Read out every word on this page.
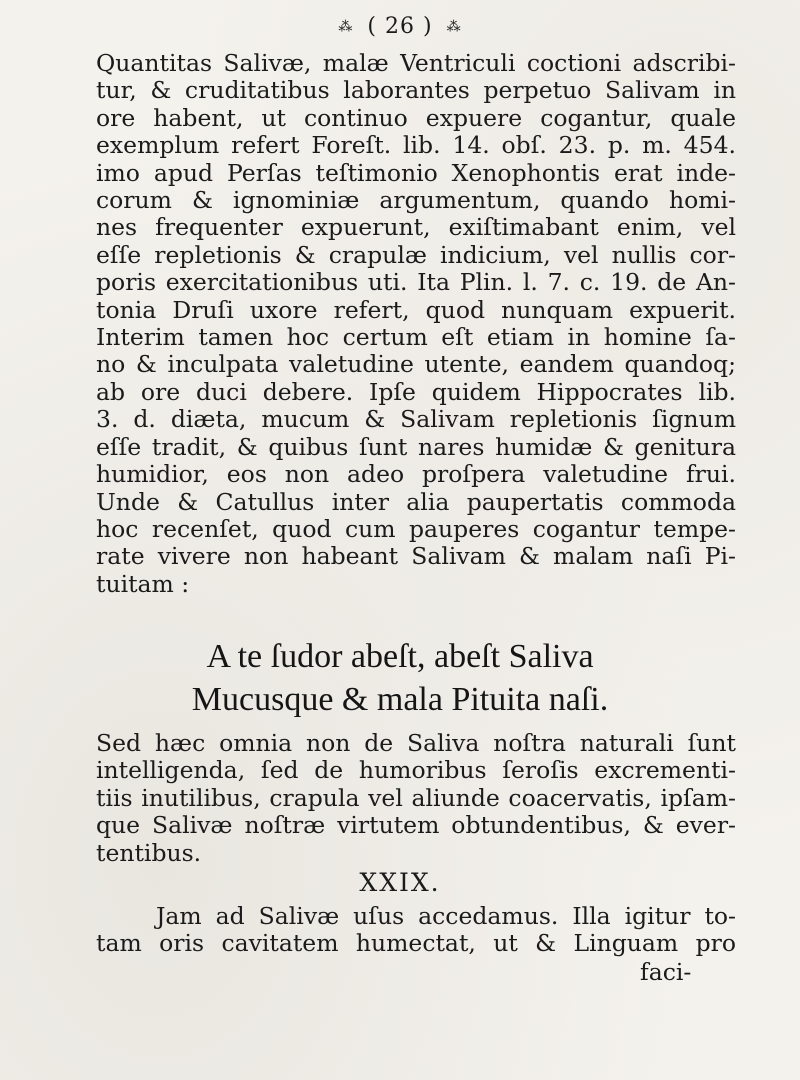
⁂ ( 26 ) ⁂
Quantitas Salivæ, malæ Ventriculi coctioni adscribi-
tur, & cruditatibus laborantes perpetuo Salivam in
ore habent, ut continuo expuere cogantur, quale
exemplum refert Foreſt. lib. 14. obſ. 23. p. m. 454.
imo apud Perſas teſtimonio Xenophontis erat inde-
corum & ignominiæ argumentum, quando homi-
nes frequenter expuerunt, exiſtimabant enim, vel
eſſe repletionis & crapulæ indicium, vel nullis cor-
poris exercitationibus uti. Ita Plin. l. 7. c. 19. de An-
tonia Druſi uxore refert, quod nunquam expuerit.
Interim tamen hoc certum eſt etiam in homine ſa-
no & inculpata valetudine utente, eandem quandoq;
ab ore duci debere. Ipſe quidem Hippocrates lib.
3. d. diæta, mucum & Salivam repletionis ſignum
eſſe tradit, & quibus ſunt nares humidæ & genitura
humidior, eos non adeo proſpera valetudine frui.
Unde & Catullus inter alia paupertatis commoda
hoc recenſet, quod cum pauperes cogantur tempe-
rate vivere non habeant Salivam & malam naſi Pi-
tuitam :
A te ſudor abeſt, abeſt Saliva
Mucusque & mala Pituita naſi.
Sed hæc omnia non de Saliva noſtra naturali ſunt
intelligenda, ſed de humoribus ſeroſis excrementi-
tiis inutilibus, crapula vel aliunde coacervatis, ipſam-
que Salivæ noſtræ virtutem obtundentibus, & ever-
tentibus.
XXIX.
Jam ad Salivæ uſus accedamus. Illa igitur to-
tam oris cavitatem humectat, ut & Linguam pro
faci-
